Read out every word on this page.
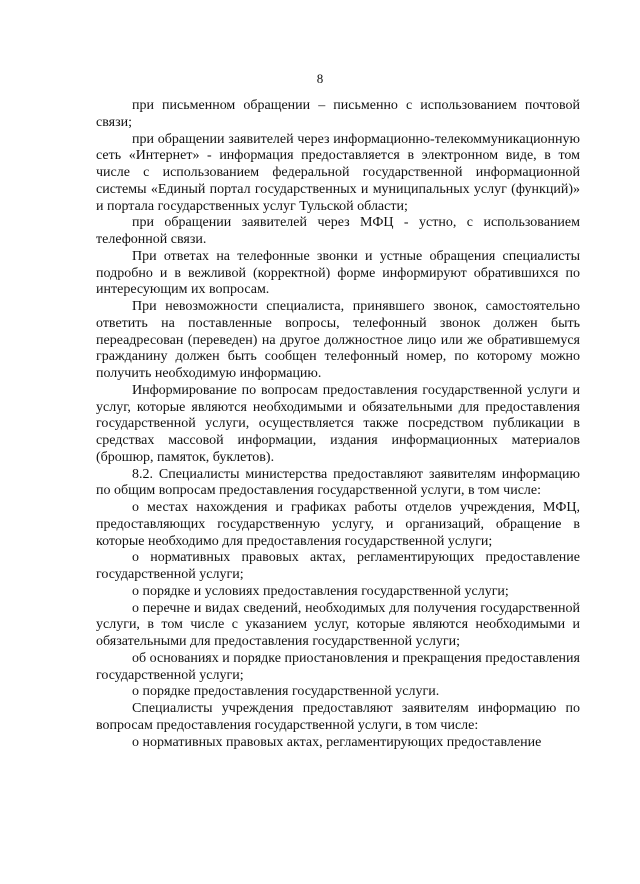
8

при письменном обращении – письменно с использованием почтовой связи;

при обращении заявителей через информационно-телекоммуникационную сеть «Интернет» - информация предоставляется в электронном виде, в том числе с использованием федеральной государственной информационной системы «Единый портал государственных и муниципальных услуг (функций)» и портала государственных услуг Тульской области;

при обращении заявителей через МФЦ - устно, с использованием телефонной связи.

При ответах на телефонные звонки и устные обращения специалисты подробно и в вежливой (корректной) форме информируют обратившихся по интересующим их вопросам.

При невозможности специалиста, принявшего звонок, самостоятельно ответить на поставленные вопросы, телефонный звонок должен быть переадресован (переведен) на другое должностное лицо или же обратившемуся гражданину должен быть сообщен телефонный номер, по которому можно получить необходимую информацию.

Информирование по вопросам предоставления государственной услуги и услуг, которые являются необходимыми и обязательными для предоставления государственной услуги, осуществляется также посредством публикации в средствах массовой информации, издания информационных материалов (брошюр, памяток, буклетов).

8.2. Специалисты министерства предоставляют заявителям информацию по общим вопросам предоставления государственной услуги, в том числе:

о местах нахождения и графиках работы отделов учреждения, МФЦ, предоставляющих государственную услугу, и организаций, обращение в которые необходимо для предоставления государственной услуги;

о нормативных правовых актах, регламентирующих предоставление государственной услуги;

о порядке и условиях предоставления государственной услуги;

о перечне и видах сведений, необходимых для получения государственной услуги, в том числе с указанием услуг, которые являются необходимыми и обязательными для предоставления государственной услуги;

об основаниях и порядке приостановления и прекращения предоставления государственной услуги;

о порядке предоставления государственной услуги.

Специалисты учреждения предоставляют заявителям информацию по вопросам предоставления государственной услуги, в том числе:

о нормативных правовых актах, регламентирующих предоставление
